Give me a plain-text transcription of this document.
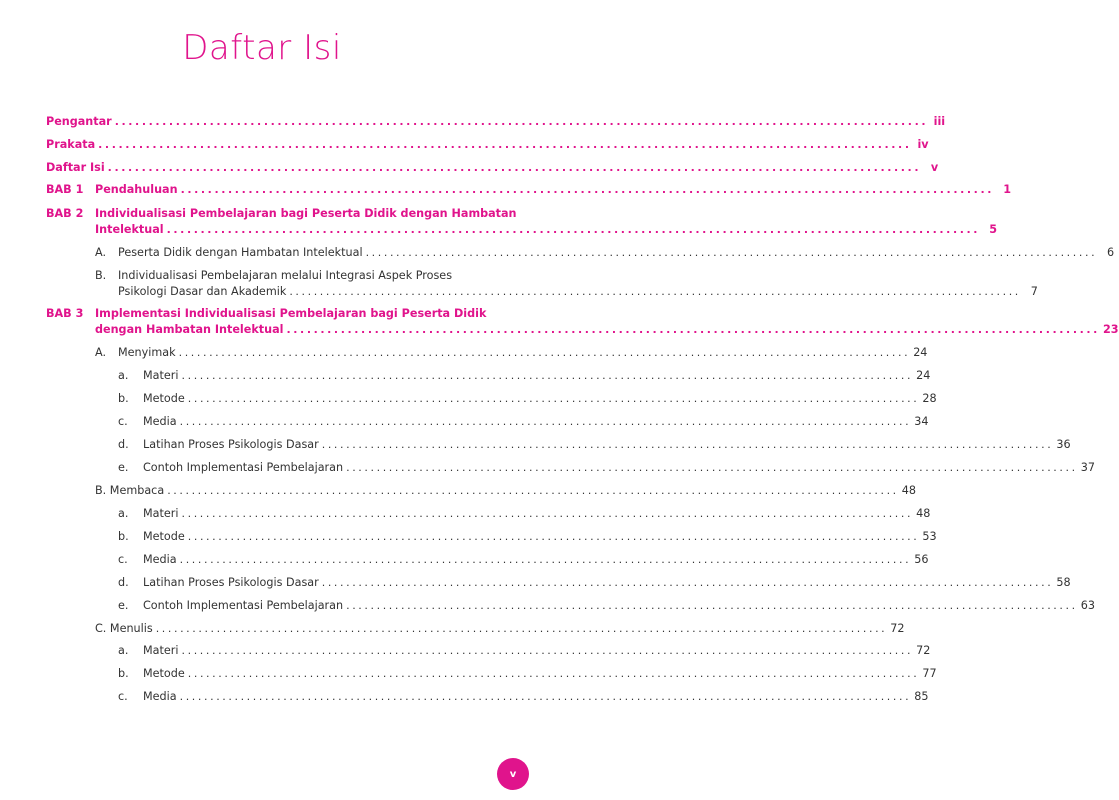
Daftar Isi
Pengantar ........................................................................................................................ iii
Prakata ........................................................................................................................ iv
Daftar Isi ........................................................................................................................ v
BAB 1 Pendahuluan ........................................................................................................................ 1
BAB 2 Individualisasi Pembelajaran bagi Peserta Didik dengan Hambatan
Intelektual ........................................................................................................................ 5
A. Peserta Didik dengan Hambatan Intelektual ........................................................................................................................ 6
B. Individualisasi Pembelajaran melalui Integrasi Aspek Proses
Psikologi Dasar dan Akademik ........................................................................................................................ 7
BAB 3 Implementasi Individualisasi Pembelajaran bagi Peserta Didik
dengan Hambatan Intelektual ........................................................................................................................ 23
A. Menyimak ........................................................................................................................ 24
a. Materi ........................................................................................................................ 24
b. Metode ........................................................................................................................ 28
c. Media ........................................................................................................................ 34
d. Latihan Proses Psikologis Dasar ........................................................................................................................ 36
e. Contoh Implementasi Pembelajaran ........................................................................................................................ 37
B. Membaca ........................................................................................................................ 48
a. Materi ........................................................................................................................ 48
b. Metode ........................................................................................................................ 53
c. Media ........................................................................................................................ 56
d. Latihan Proses Psikologis Dasar ........................................................................................................................ 58
e. Contoh Implementasi Pembelajaran ........................................................................................................................ 63
C. Menulis ........................................................................................................................ 72
a. Materi ........................................................................................................................ 72
b. Metode ........................................................................................................................ 77
c. Media ........................................................................................................................ 85
v
